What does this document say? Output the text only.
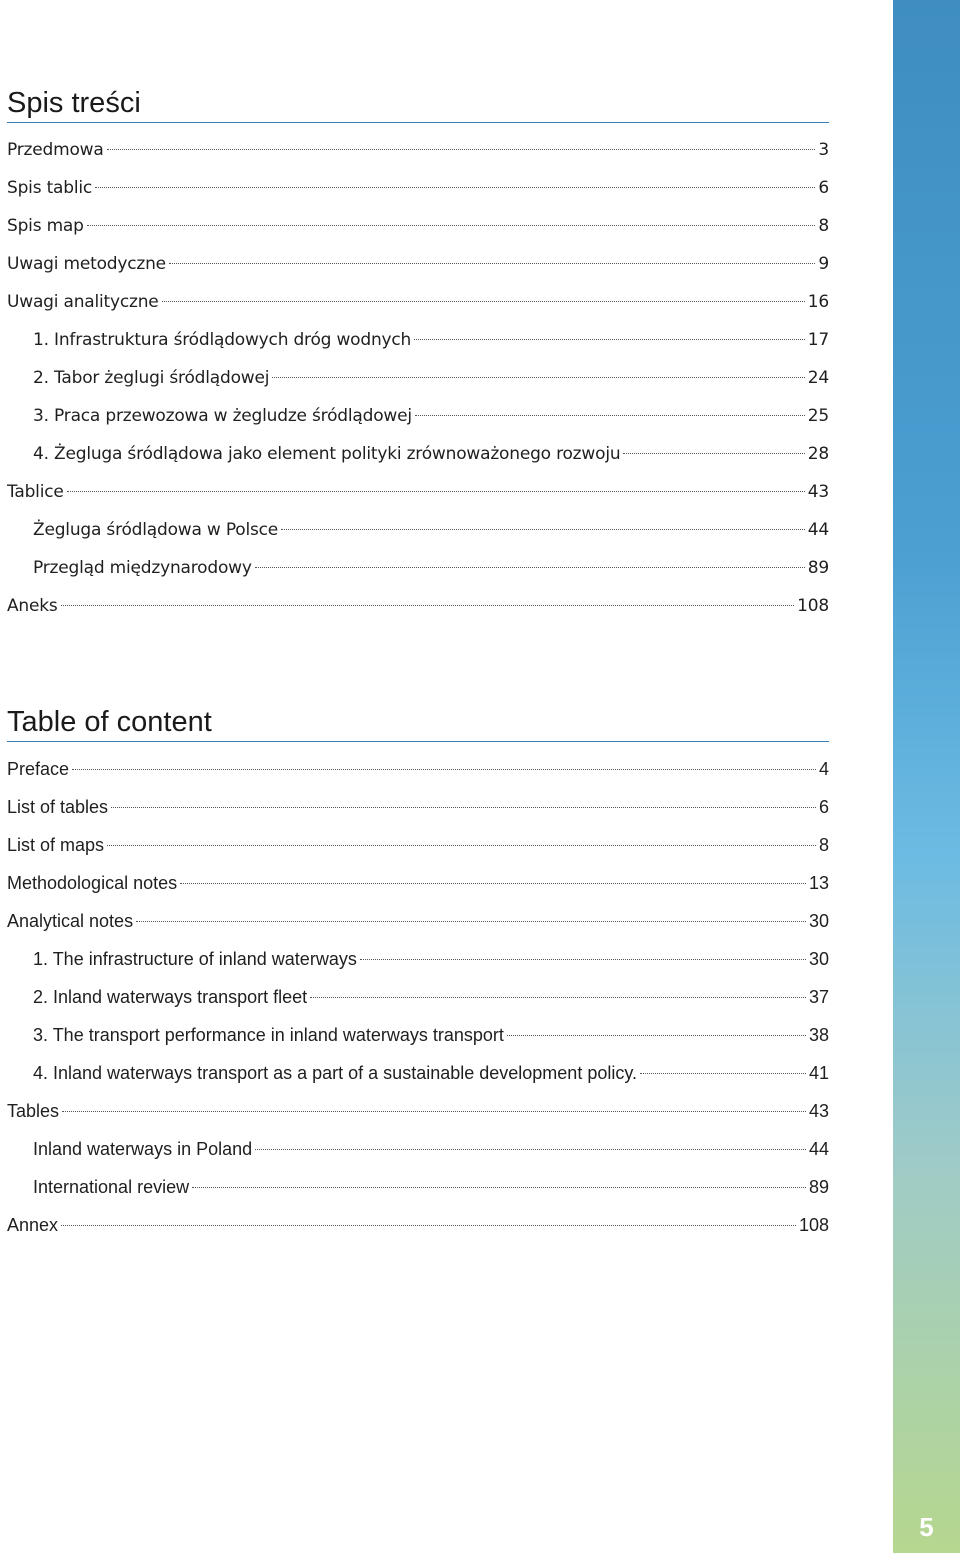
Spis treści
Przedmowa	3
Spis tablic	6
Spis map	8
Uwagi metodyczne	9
Uwagi analityczne	16
1. Infrastruktura śródlądowych dróg wodnych	17
2. Tabor żeglugi śródlądowej	24
3. Praca przewozowa w żegludze śródlądowej	25
4. Żegluga śródlądowa jako element polityki zrównoważonego rozwoju	28
Tablice	43
Żegluga śródlądowa w Polsce	44
Przegląd międzynarodowy	89
Aneks	108
Table of content
Preface	4
List of tables	6
List of maps	8
Methodological notes	13
Analytical notes	30
1. The infrastructure of inland waterways	30
2. Inland waterways transport fleet	37
3. The transport performance in inland waterways transport	38
4. Inland waterways transport as a part of a sustainable development policy.	41
Tables	43
Inland waterways in Poland	44
International review	89
Annex	108
5
